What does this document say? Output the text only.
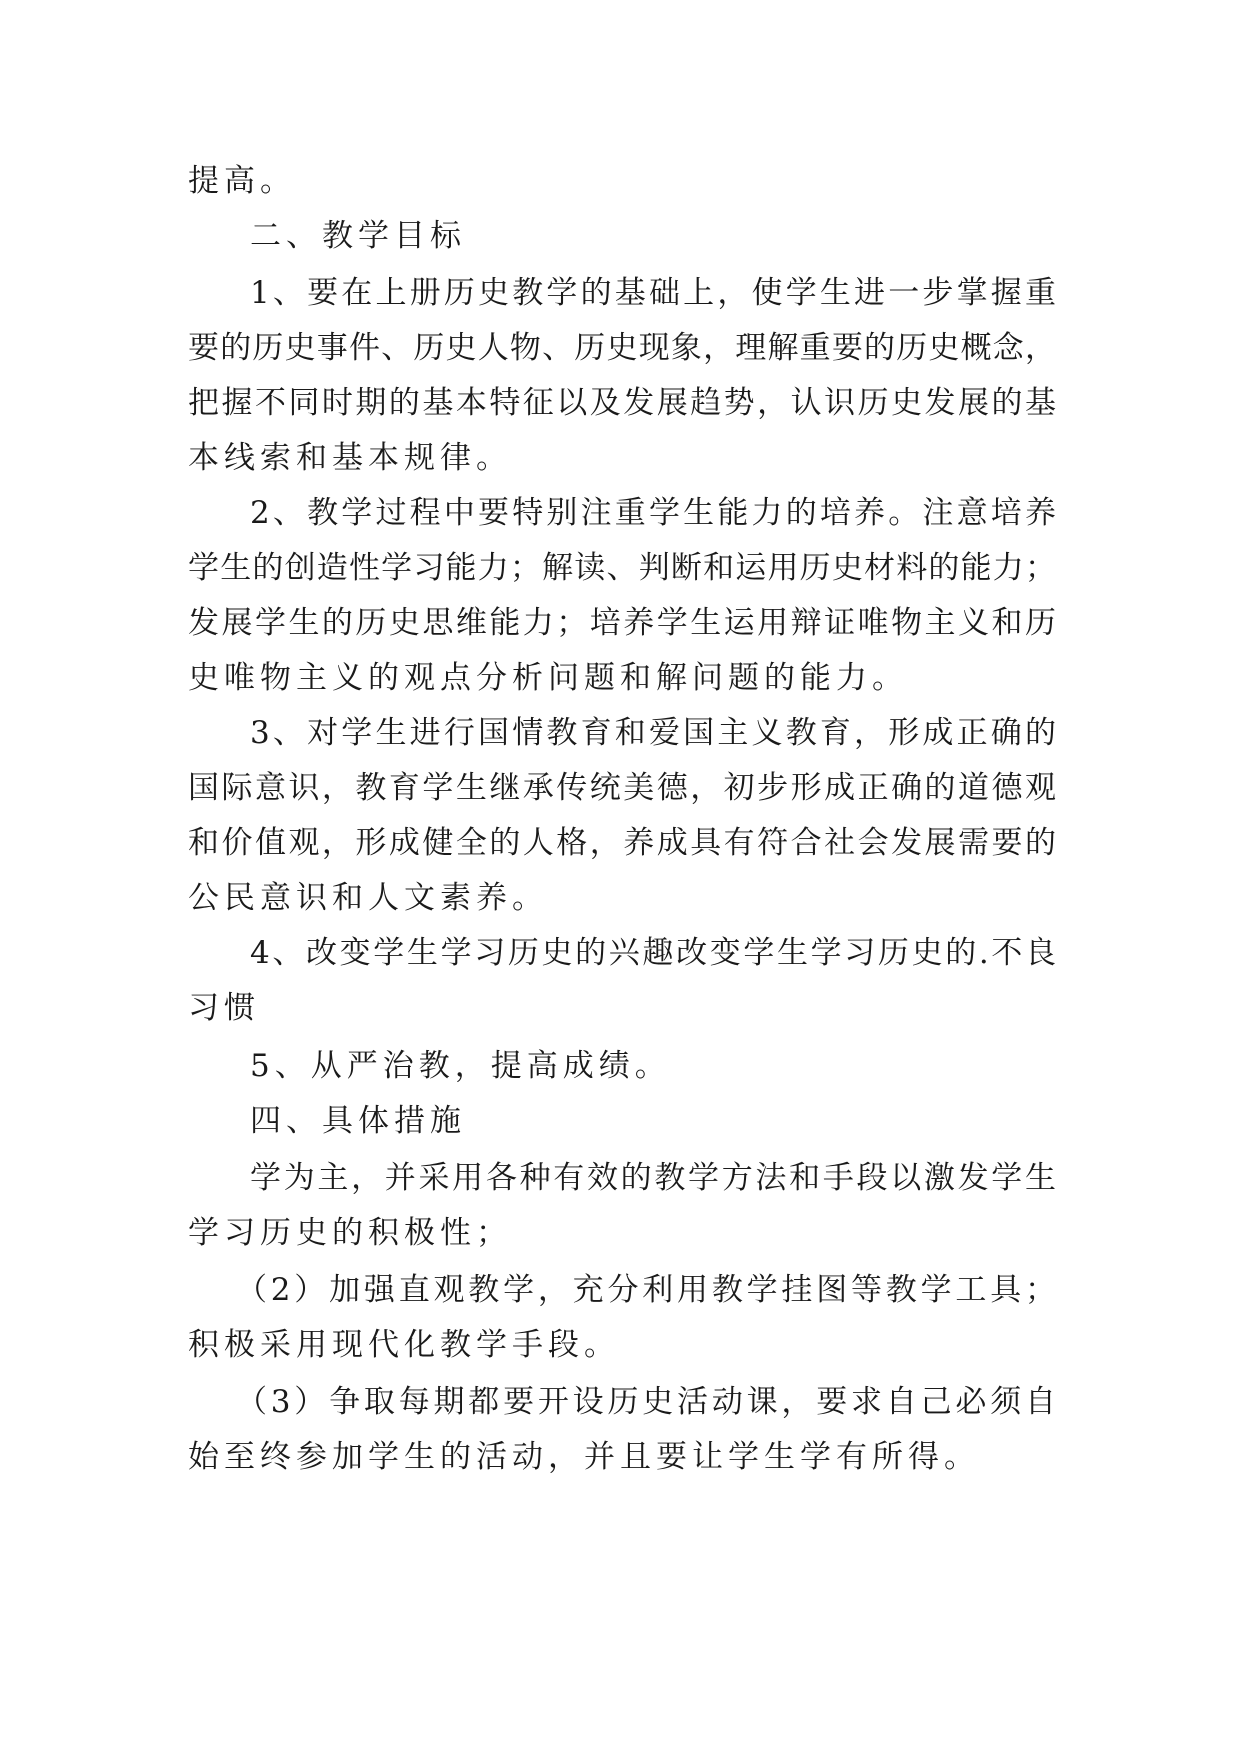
提高。
二、教学目标
1、要在上册历史教学的基础上，使学生进一步掌握重
要的历史事件、历史人物、历史现象，理解重要的历史概念，
把握不同时期的基本特征以及发展趋势，认识历史发展的基
本线索和基本规律。
2、教学过程中要特别注重学生能力的培养。注意培养
学生的创造性学习能力；解读、判断和运用历史材料的能力；
发展学生的历史思维能力；培养学生运用辩证唯物主义和历
史唯物主义的观点分析问题和解问题的能力。
3、对学生进行国情教育和爱国主义教育，形成正确的
国际意识，教育学生继承传统美德，初步形成正确的道德观
和价值观，形成健全的人格，养成具有符合社会发展需要的
公民意识和人文素养。
4、改变学生学习历史的兴趣改变学生学习历史的.不良
习惯
5、从严治教，提高成绩。
四、具体措施
学为主，并采用各种有效的教学方法和手段以激发学生
学习历史的积极性；
（2）加强直观教学，充分利用教学挂图等教学工具；
积极采用现代化教学手段。
（3）争取每期都要开设历史活动课，要求自己必须自
始至终参加学生的活动，并且要让学生学有所得。
